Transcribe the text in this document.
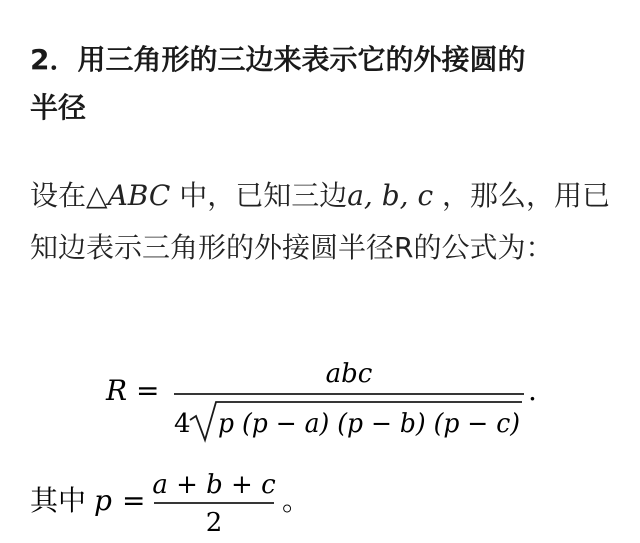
2．用三角形的三边来表示它的外接圆的
半径

设在△ABC 中，已知三边a, b, c ，那么，用已知边表示三角形的外接圆半径R的公式为：

R =	abc	.
4 p (p − a) (p − b) (p − c)
其中 p = a + b + c
2
。
